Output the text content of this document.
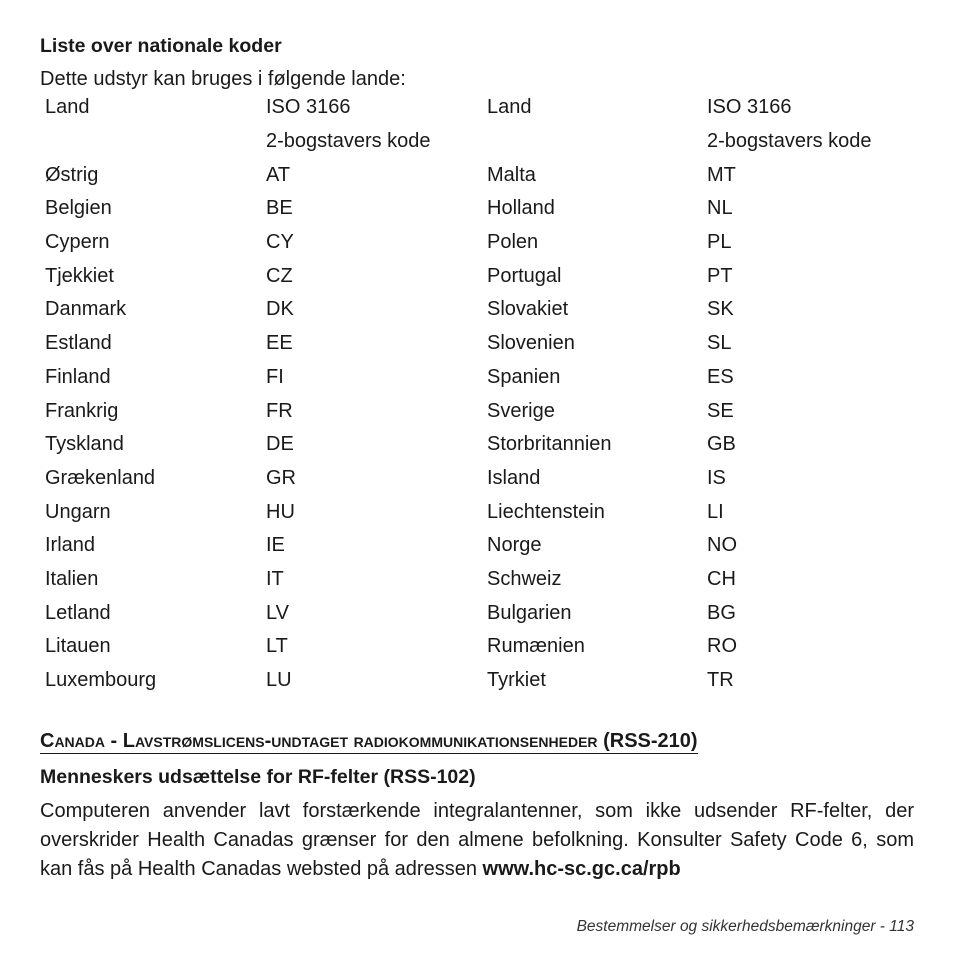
Liste over nationale koder
Dette udstyr kan bruges i følgende lande:
Land	ISO 3166	Land	ISO 3166
	2-bogstavers kode		2-bogstavers kode
Østrig	AT	Malta	MT
Belgien	BE	Holland	NL
Cypern	CY	Polen	PL
Tjekkiet	CZ	Portugal	PT
Danmark	DK	Slovakiet	SK
Estland	EE	Slovenien	SL
Finland	FI	Spanien	ES
Frankrig	FR	Sverige	SE
Tyskland	DE	Storbritannien	GB
Grækenland	GR	Island	IS
Ungarn	HU	Liechtenstein	LI
Irland	IE	Norge	NO
Italien	IT	Schweiz	CH
Letland	LV	Bulgarien	BG
Litauen	LT	Rumænien	RO
Luxembourg	LU	Tyrkiet	TR
Canada - Lavstrømslicens-undtaget radiokommunikationsenheder (RSS-210)
Menneskers udsættelse for RF-felter (RSS-102)
Computeren anvender lavt forstærkende integralantenner, som ikke udsender RF-felter, der overskrider Health Canadas grænser for den almene befolkning. Konsulter Safety Code 6, som kan fås på Health Canadas websted på adressen www.hc-sc.gc.ca/rpb
Bestemmelser og sikkerhedsbemærkninger - 113
